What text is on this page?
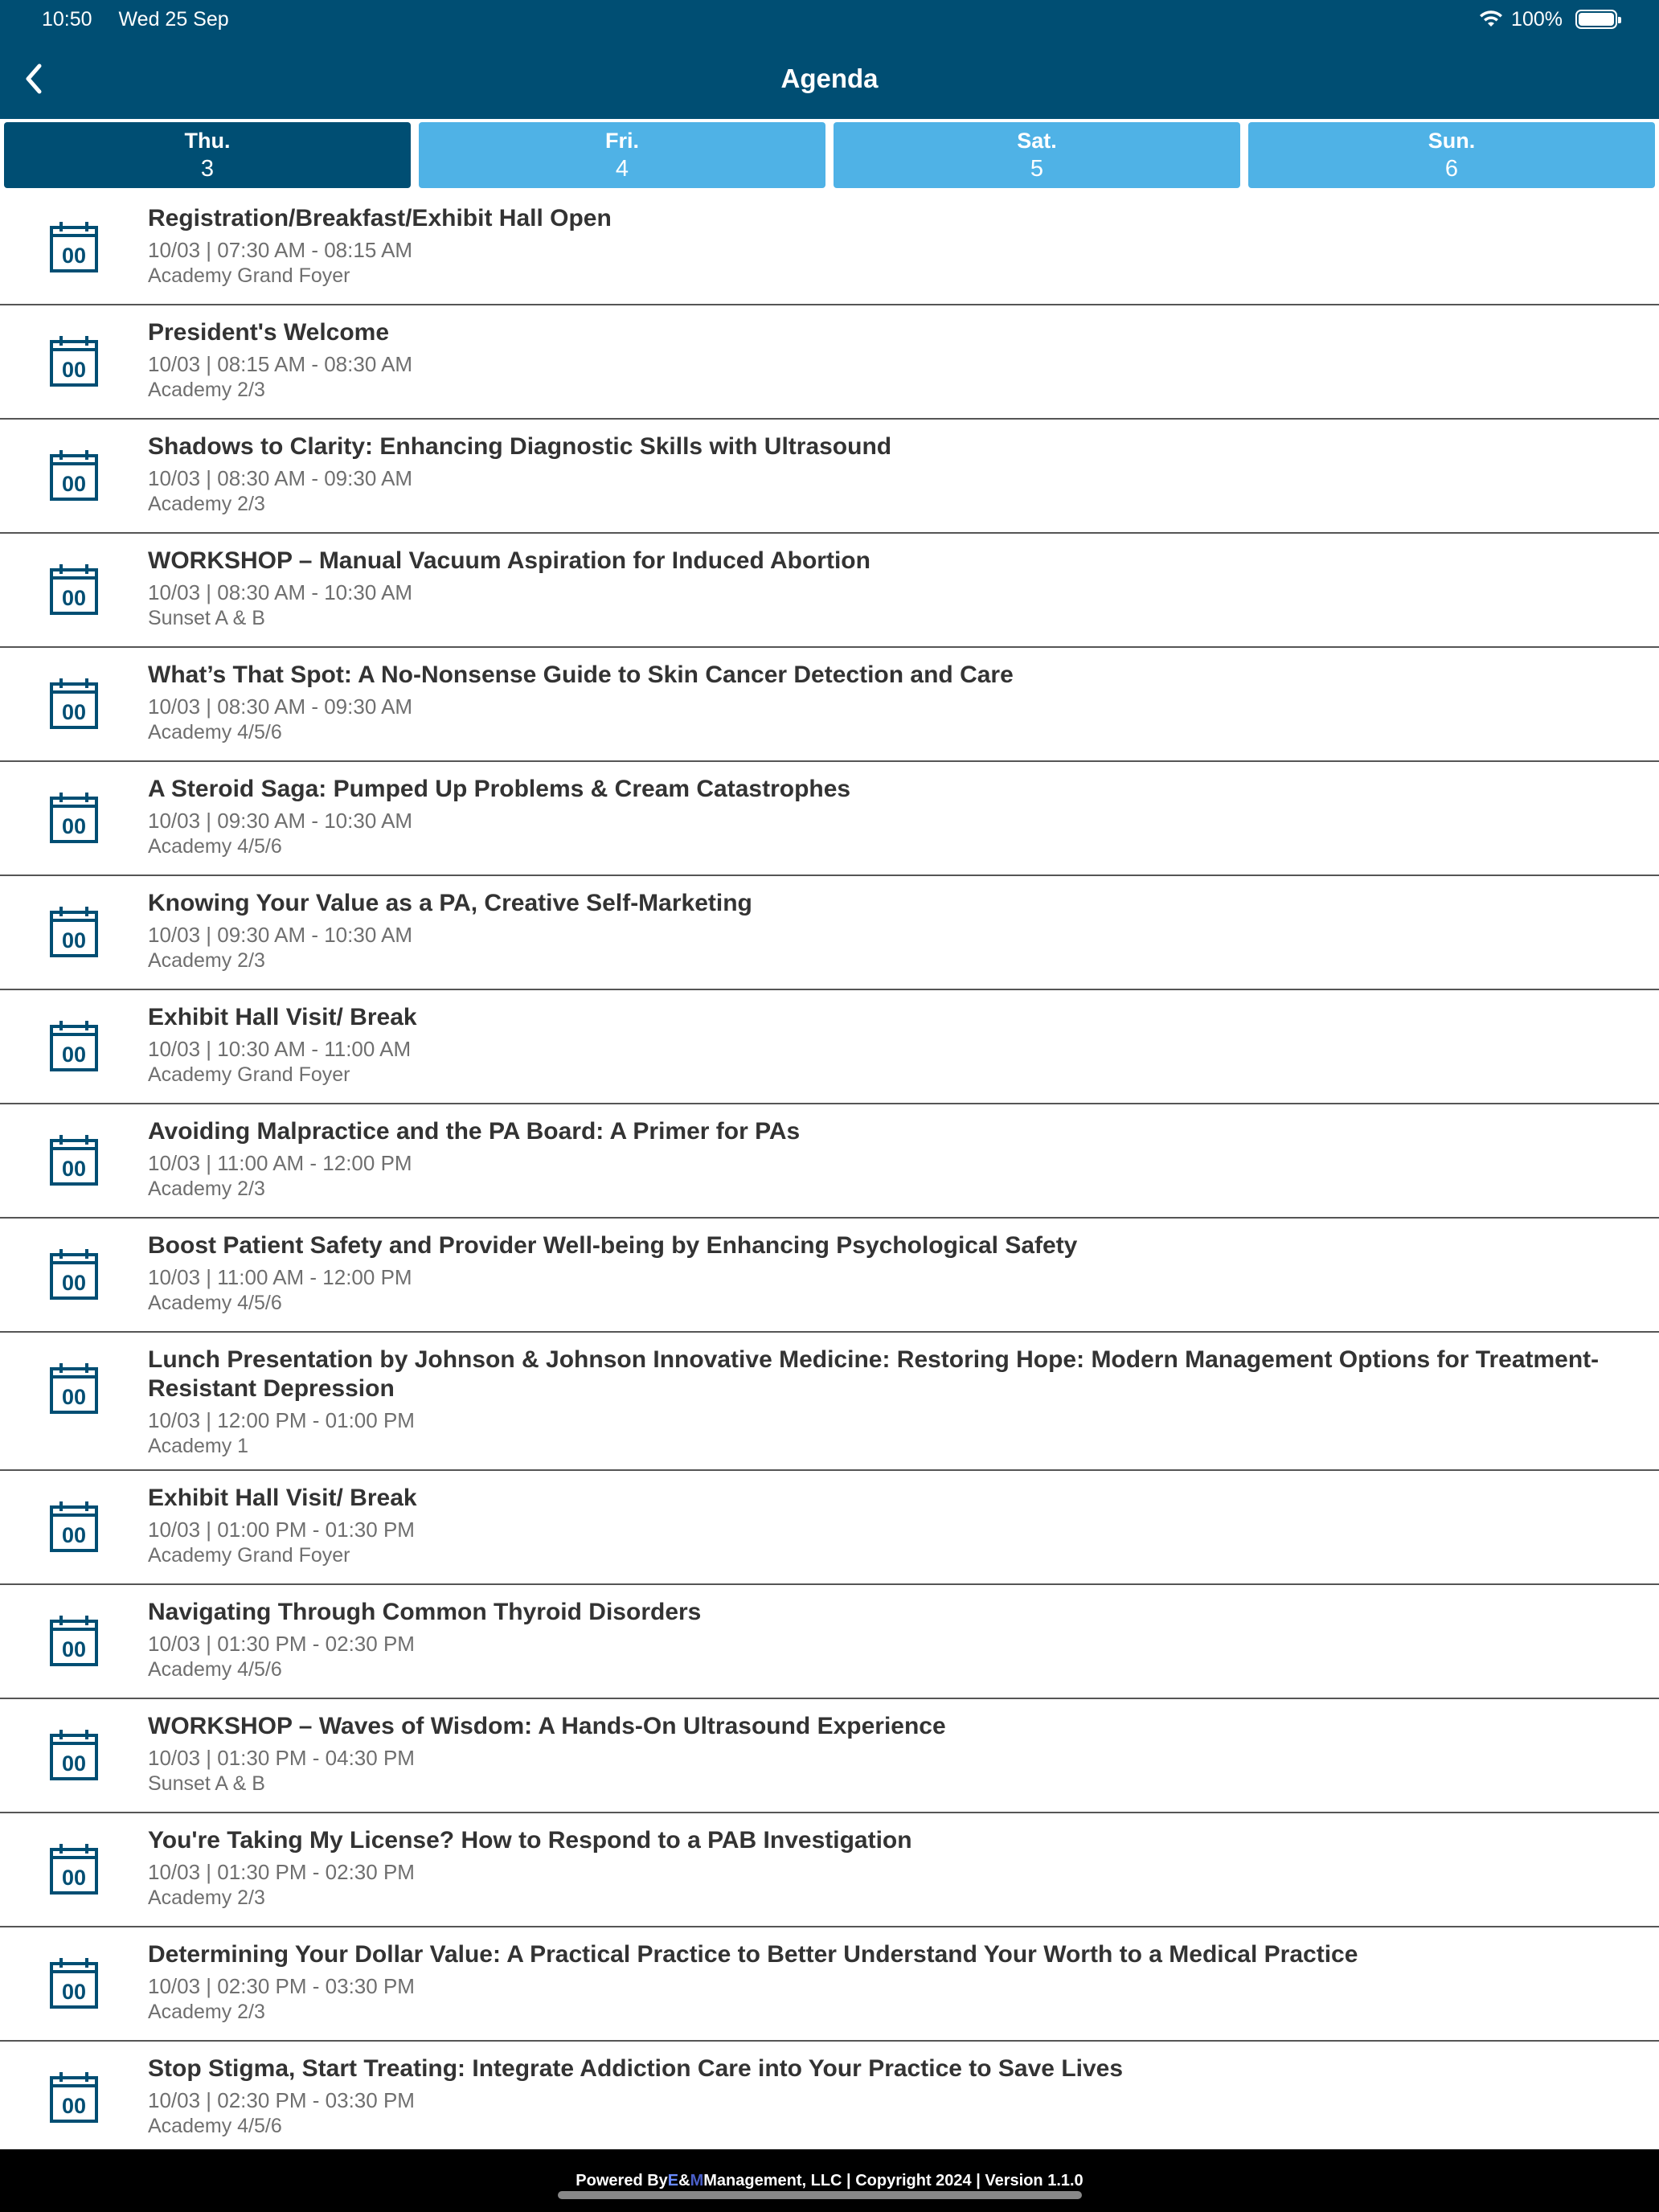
10:50 Wed 25 Sep	100%
Agenda
Thu.
3
Fri.
4
Sat.
5
Sun.
6
00
Registration/Breakfast/Exhibit Hall Open
10/03 | 07:30 AM - 08:15 AM
Academy Grand Foyer
00
President's Welcome
10/03 | 08:15 AM - 08:30 AM
Academy 2/3
00
Shadows to Clarity: Enhancing Diagnostic Skills with Ultrasound
10/03 | 08:30 AM - 09:30 AM
Academy 2/3
00
WORKSHOP – Manual Vacuum Aspiration for Induced Abortion
10/03 | 08:30 AM - 10:30 AM
Sunset A & B
00
What’s That Spot: A No-Nonsense Guide to Skin Cancer Detection and Care
10/03 | 08:30 AM - 09:30 AM
Academy 4/5/6
00
A Steroid Saga: Pumped Up Problems & Cream Catastrophes
10/03 | 09:30 AM - 10:30 AM
Academy 4/5/6
00
Knowing Your Value as a PA, Creative Self-Marketing
10/03 | 09:30 AM - 10:30 AM
Academy 2/3
00
Exhibit Hall Visit/ Break
10/03 | 10:30 AM - 11:00 AM
Academy Grand Foyer
00
Avoiding Malpractice and the PA Board: A Primer for PAs
10/03 | 11:00 AM - 12:00 PM
Academy 2/3
00
Boost Patient Safety and Provider Well-being by Enhancing Psychological Safety
10/03 | 11:00 AM - 12:00 PM
Academy 4/5/6
00
Lunch Presentation by Johnson & Johnson Innovative Medicine: Restoring Hope: Modern Management Options for Treatment-Resistant Depression
10/03 | 12:00 PM - 01:00 PM
Academy 1
00
Exhibit Hall Visit/ Break
10/03 | 01:00 PM - 01:30 PM
Academy Grand Foyer
00
Navigating Through Common Thyroid Disorders
10/03 | 01:30 PM - 02:30 PM
Academy 4/5/6
00
WORKSHOP – Waves of Wisdom: A Hands-On Ultrasound Experience
10/03 | 01:30 PM - 04:30 PM
Sunset A & B
00
You're Taking My License? How to Respond to a PAB Investigation
10/03 | 01:30 PM - 02:30 PM
Academy 2/3
00
Determining Your Dollar Value: A Practical Practice to Better Understand Your Worth to a Medical Practice
10/03 | 02:30 PM - 03:30 PM
Academy 2/3
00
Stop Stigma, Start Treating: Integrate Addiction Care into Your Practice to Save Lives
10/03 | 02:30 PM - 03:30 PM
Academy 4/5/6
Powered By E & M Management, LLC | Copyright 2024 | Version 1.1.0
